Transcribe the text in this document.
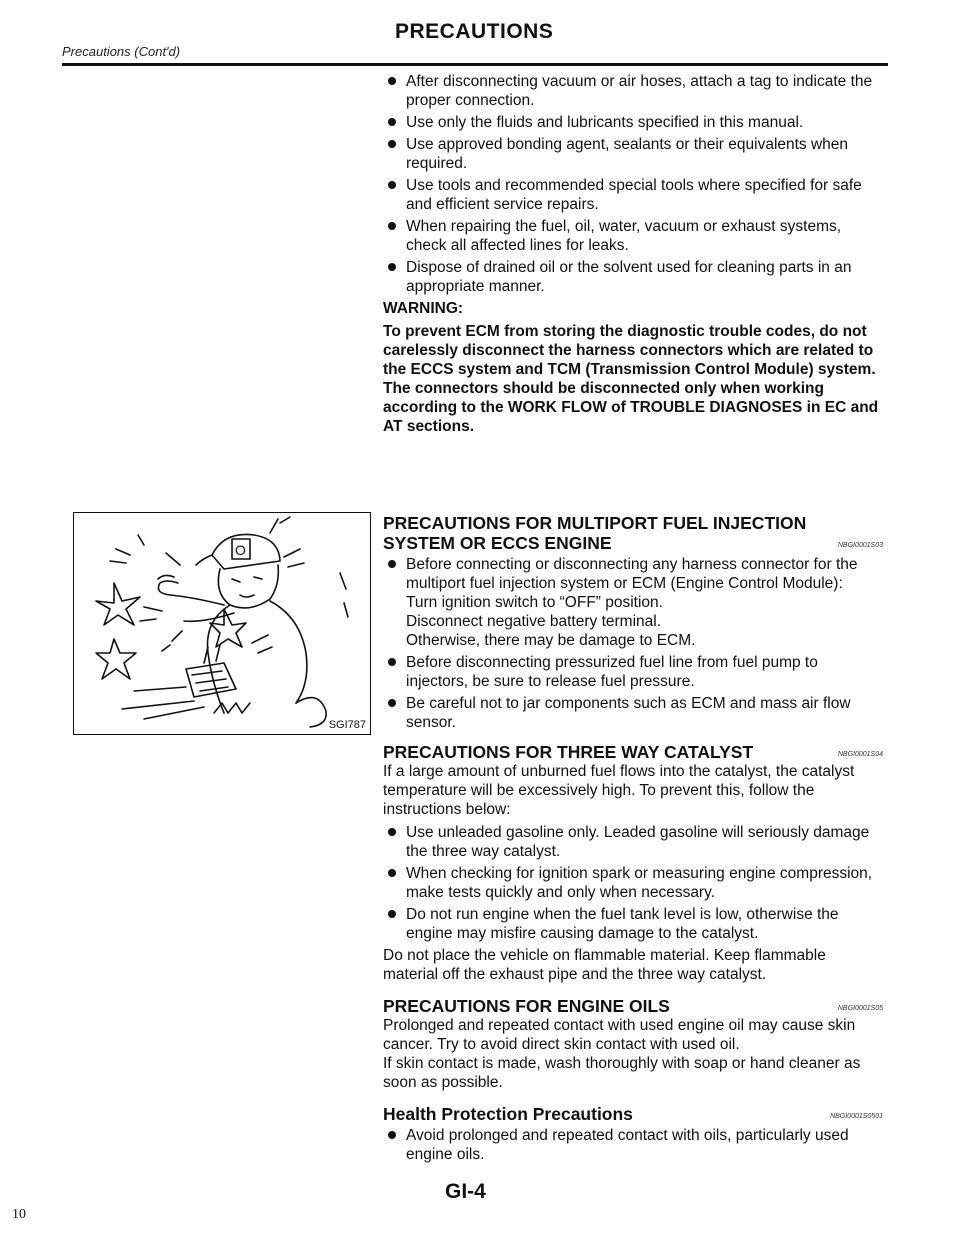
Precautions (Cont'd)
PRECAUTIONS
After disconnecting vacuum or air hoses, attach a tag to indicate the proper connection.
Use only the fluids and lubricants specified in this manual.
Use approved bonding agent, sealants or their equivalents when required.
Use tools and recommended special tools where specified for safe and efficient service repairs.
When repairing the fuel, oil, water, vacuum or exhaust systems, check all affected lines for leaks.
Dispose of drained oil or the solvent used for cleaning parts in an appropriate manner.
WARNING:
To prevent ECM from storing the diagnostic trouble codes, do not carelessly disconnect the harness connectors which are related to the ECCS system and TCM (Transmission Control Module) system. The connectors should be disconnected only when working according to the WORK FLOW of TROUBLE DIAGNOSES in EC and AT sections.
O
SGI787
PRECAUTIONS FOR MULTIPORT FUEL INJECTION SYSTEM OR ECCS ENGINE	NBGI0001S03
Before connecting or disconnecting any harness connector for the multiport fuel injection system or ECM (Engine Control Module):
Turn ignition switch to “OFF” position.
Disconnect negative battery terminal.
Otherwise, there may be damage to ECM.
Before disconnecting pressurized fuel line from fuel pump to injectors, be sure to release fuel pressure.
Be careful not to jar components such as ECM and mass air flow sensor.
PRECAUTIONS FOR THREE WAY CATALYST	NBGI0001S04

If a large amount of unburned fuel flows into the catalyst, the catalyst temperature will be excessively high. To prevent this, follow the instructions below:

Use unleaded gasoline only. Leaded gasoline will seriously damage the three way catalyst.
When checking for ignition spark or measuring engine compression, make tests quickly and only when necessary.
Do not run engine when the fuel tank level is low, otherwise the engine may misfire causing damage to the catalyst.

Do not place the vehicle on flammable material. Keep flammable material off the exhaust pipe and the three way catalyst.

PRECAUTIONS FOR ENGINE OILS	NBGI0001S05

Prolonged and repeated contact with used engine oil may cause skin cancer. Try to avoid direct skin contact with used oil.

If skin contact is made, wash thoroughly with soap or hand cleaner as soon as possible.

Health Protection Precautions	NBGI0001S0501
Avoid prolonged and repeated contact with oils, particularly used engine oils.
GI-4
10
